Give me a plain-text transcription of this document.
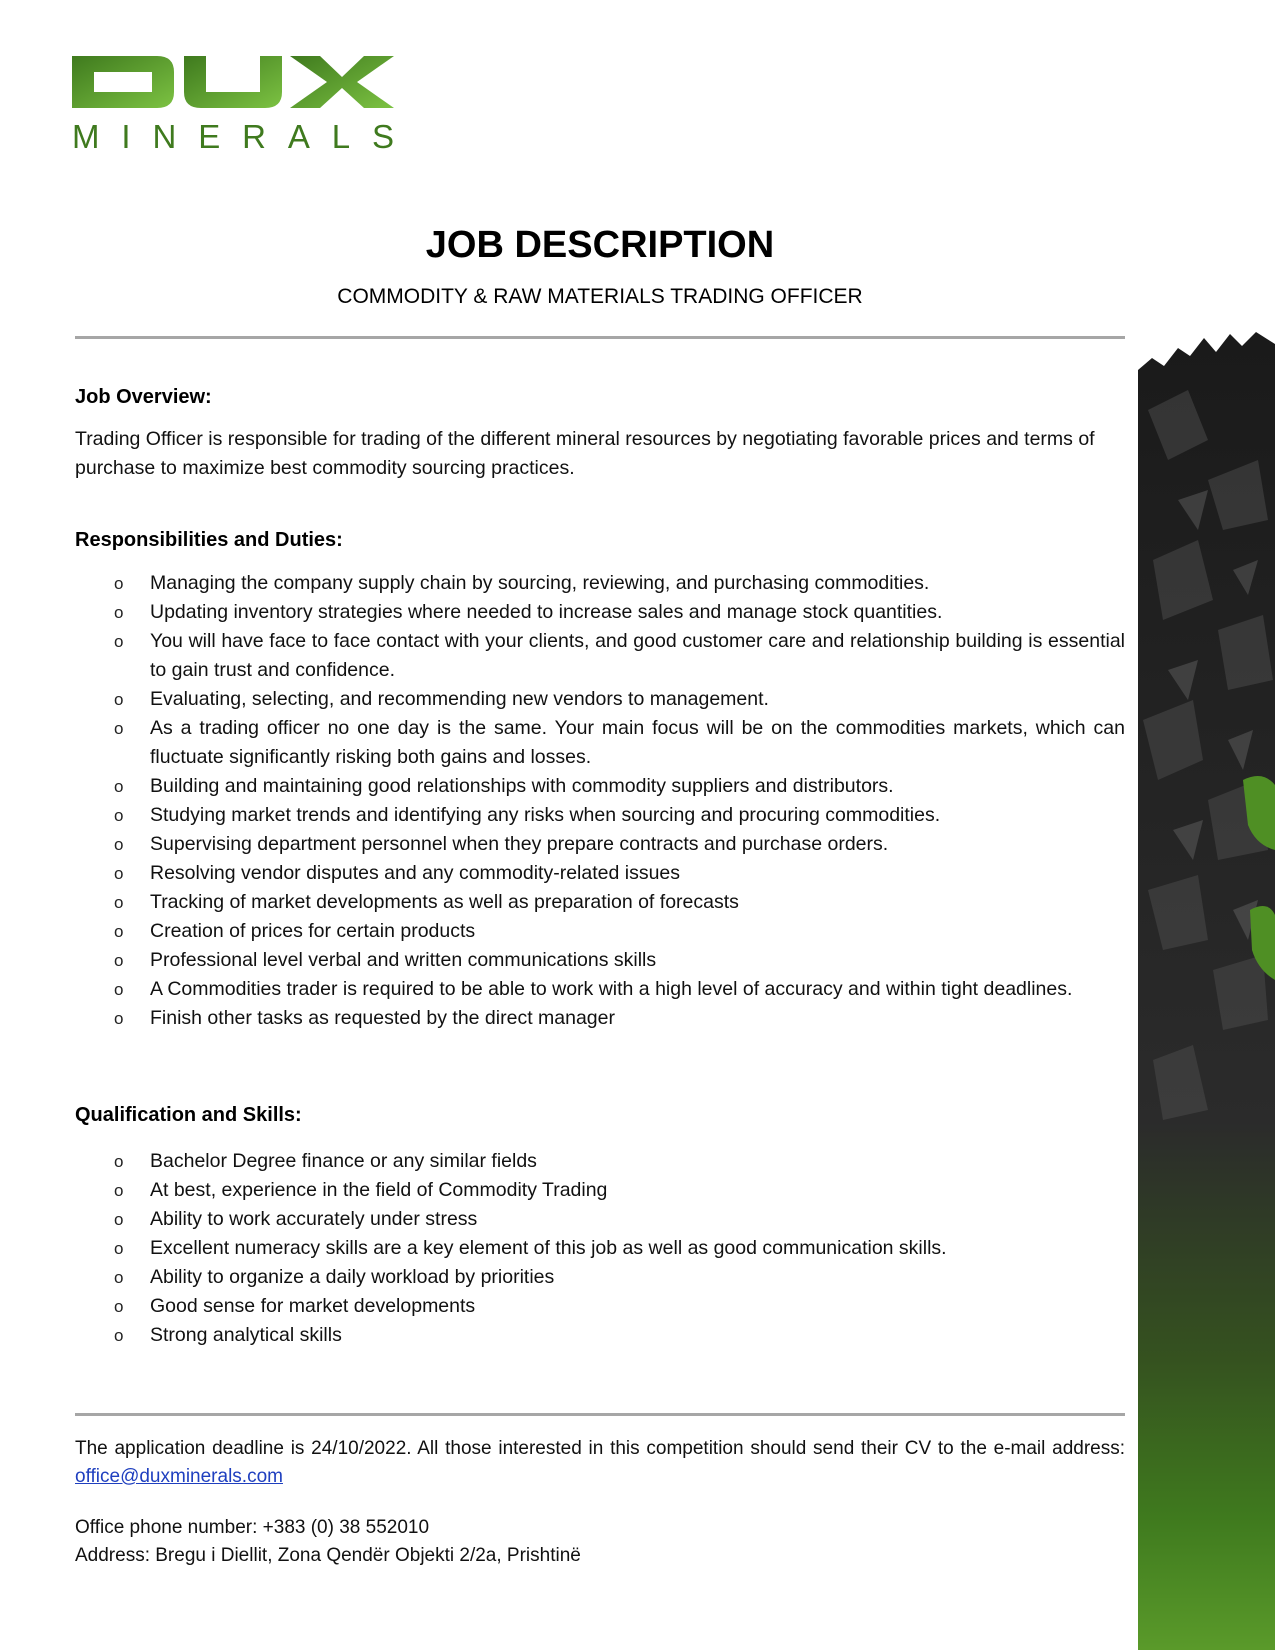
MINERALS
JOB DESCRIPTION
COMMODITY & RAW MATERIALS TRADING OFFICER
Job Overview:
Trading Officer is responsible for trading of the different mineral resources by negotiating favorable prices and terms of purchase to maximize best commodity sourcing practices.
Responsibilities and Duties:
o Managing the company supply chain by sourcing, reviewing, and purchasing commodities.
o Updating inventory strategies where needed to increase sales and manage stock quantities.
o You will have face to face contact with your clients, and good customer care and relationship building is essential to gain trust and confidence.
o Evaluating, selecting, and recommending new vendors to management.
o As a trading officer no one day is the same. Your main focus will be on the commodities markets, which can fluctuate significantly risking both gains and losses.
o Building and maintaining good relationships with commodity suppliers and distributors.
o Studying market trends and identifying any risks when sourcing and procuring commodities.
o Supervising department personnel when they prepare contracts and purchase orders.
o Resolving vendor disputes and any commodity-related issues
o Tracking of market developments as well as preparation of forecasts
o Creation of prices for certain products
o Professional level verbal and written communications skills
o A Commodities trader is required to be able to work with a high level of accuracy and within tight deadlines.
o Finish other tasks as requested by the direct manager
Qualification and Skills:
o Bachelor Degree finance or any similar fields
o At best, experience in the field of Commodity Trading
o Ability to work accurately under stress
o Excellent numeracy skills are a key element of this job as well as good communication skills.
o Ability to organize a daily workload by priorities
o Good sense for market developments
o Strong analytical skills
The application deadline is 24/10/2022. All those interested in this competition should send their CV to the e-mail address: office@duxminerals.com
Office phone number: +383 (0) 38 552010
Address: Bregu i Diellit, Zona Qendër Objekti 2/2a, Prishtinë
